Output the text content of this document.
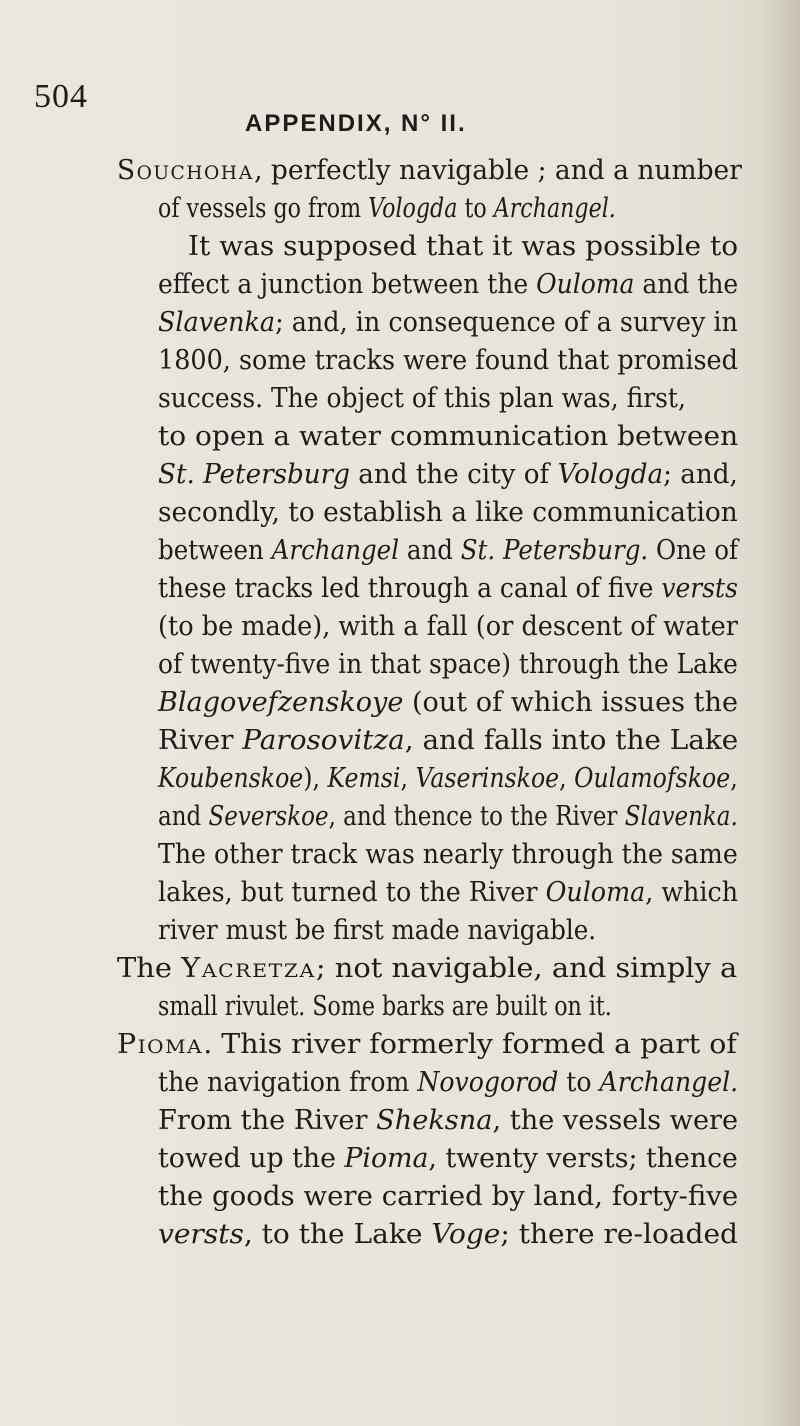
504
APPENDIX, N° II.
Soucнона, perfectly navigable ; and a number
of vessels go from Vologda to Archangel.
It was supposed that it was possible to
effect a junction between the Ouloma and the
Slavenka; and, in consequence of a survey in
1800, some tracks were found that promised
success. The object of this plan was, first,
to open a water communication between
St. Petersburg and the city of Vologda; and,
secondly, to establish a like communication
between Archangel and St. Petersburg. One of
these tracks led through a canal of five versts
(to be made), with a fall (or descent of water
of twenty-five in that space) through the Lake
Blagovefzenskoye (out of which issues the
River Parosovitza, and falls into the Lake
Koubenskoe), Kemsi, Vaserinskoe, Oulamofskoe,
and Severskoe, and thence to the River Slavenka.
The other track was nearly through the same
lakes, but turned to the River Ouloma, which
river must be first made navigable.
The Yacretza; not navigable, and simply a
small rivulet. Some barks are built on it.
Pioma. This river formerly formed a part of
the navigation from Novogorod to Archangel.
From the River Sheksna, the vessels were
towed up the Pioma, twenty versts; thence
the goods were carried by land, forty-five
versts, to the Lake Voge; there re-loaded
